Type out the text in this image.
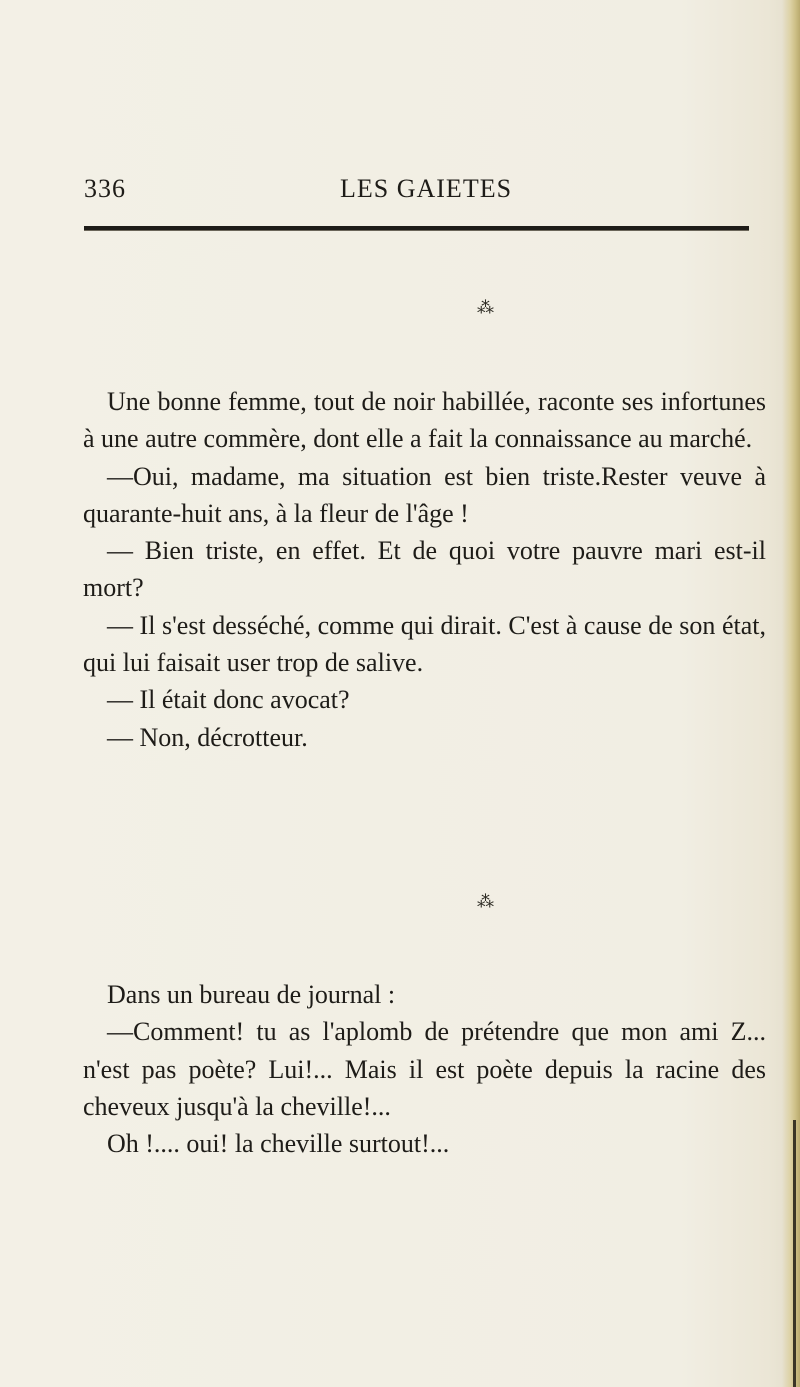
336	LES GAIETES
⁂

Une bonne femme, tout de noir habillée, raconte ses infortunes à une autre commère, dont elle a fait la connaissance au marché.

—Oui, madame, ma situation est bien triste.Rester veuve à quarante-huit ans, à la fleur de l'âge !

— Bien triste, en effet. Et de quoi votre pauvre mari est-il mort?

— Il s'est desséché, comme qui dirait. C'est à cause de son état, qui lui faisait user trop de salive.

— Il était donc avocat?

— Non, décrotteur.

⁂

Dans un bureau de journal :

—Comment! tu as l'aplomb de prétendre que mon ami Z... n'est pas poète? Lui!... Mais il est poète depuis la racine des cheveux jusqu'à la cheville!...

Oh !.... oui! la cheville surtout!...
